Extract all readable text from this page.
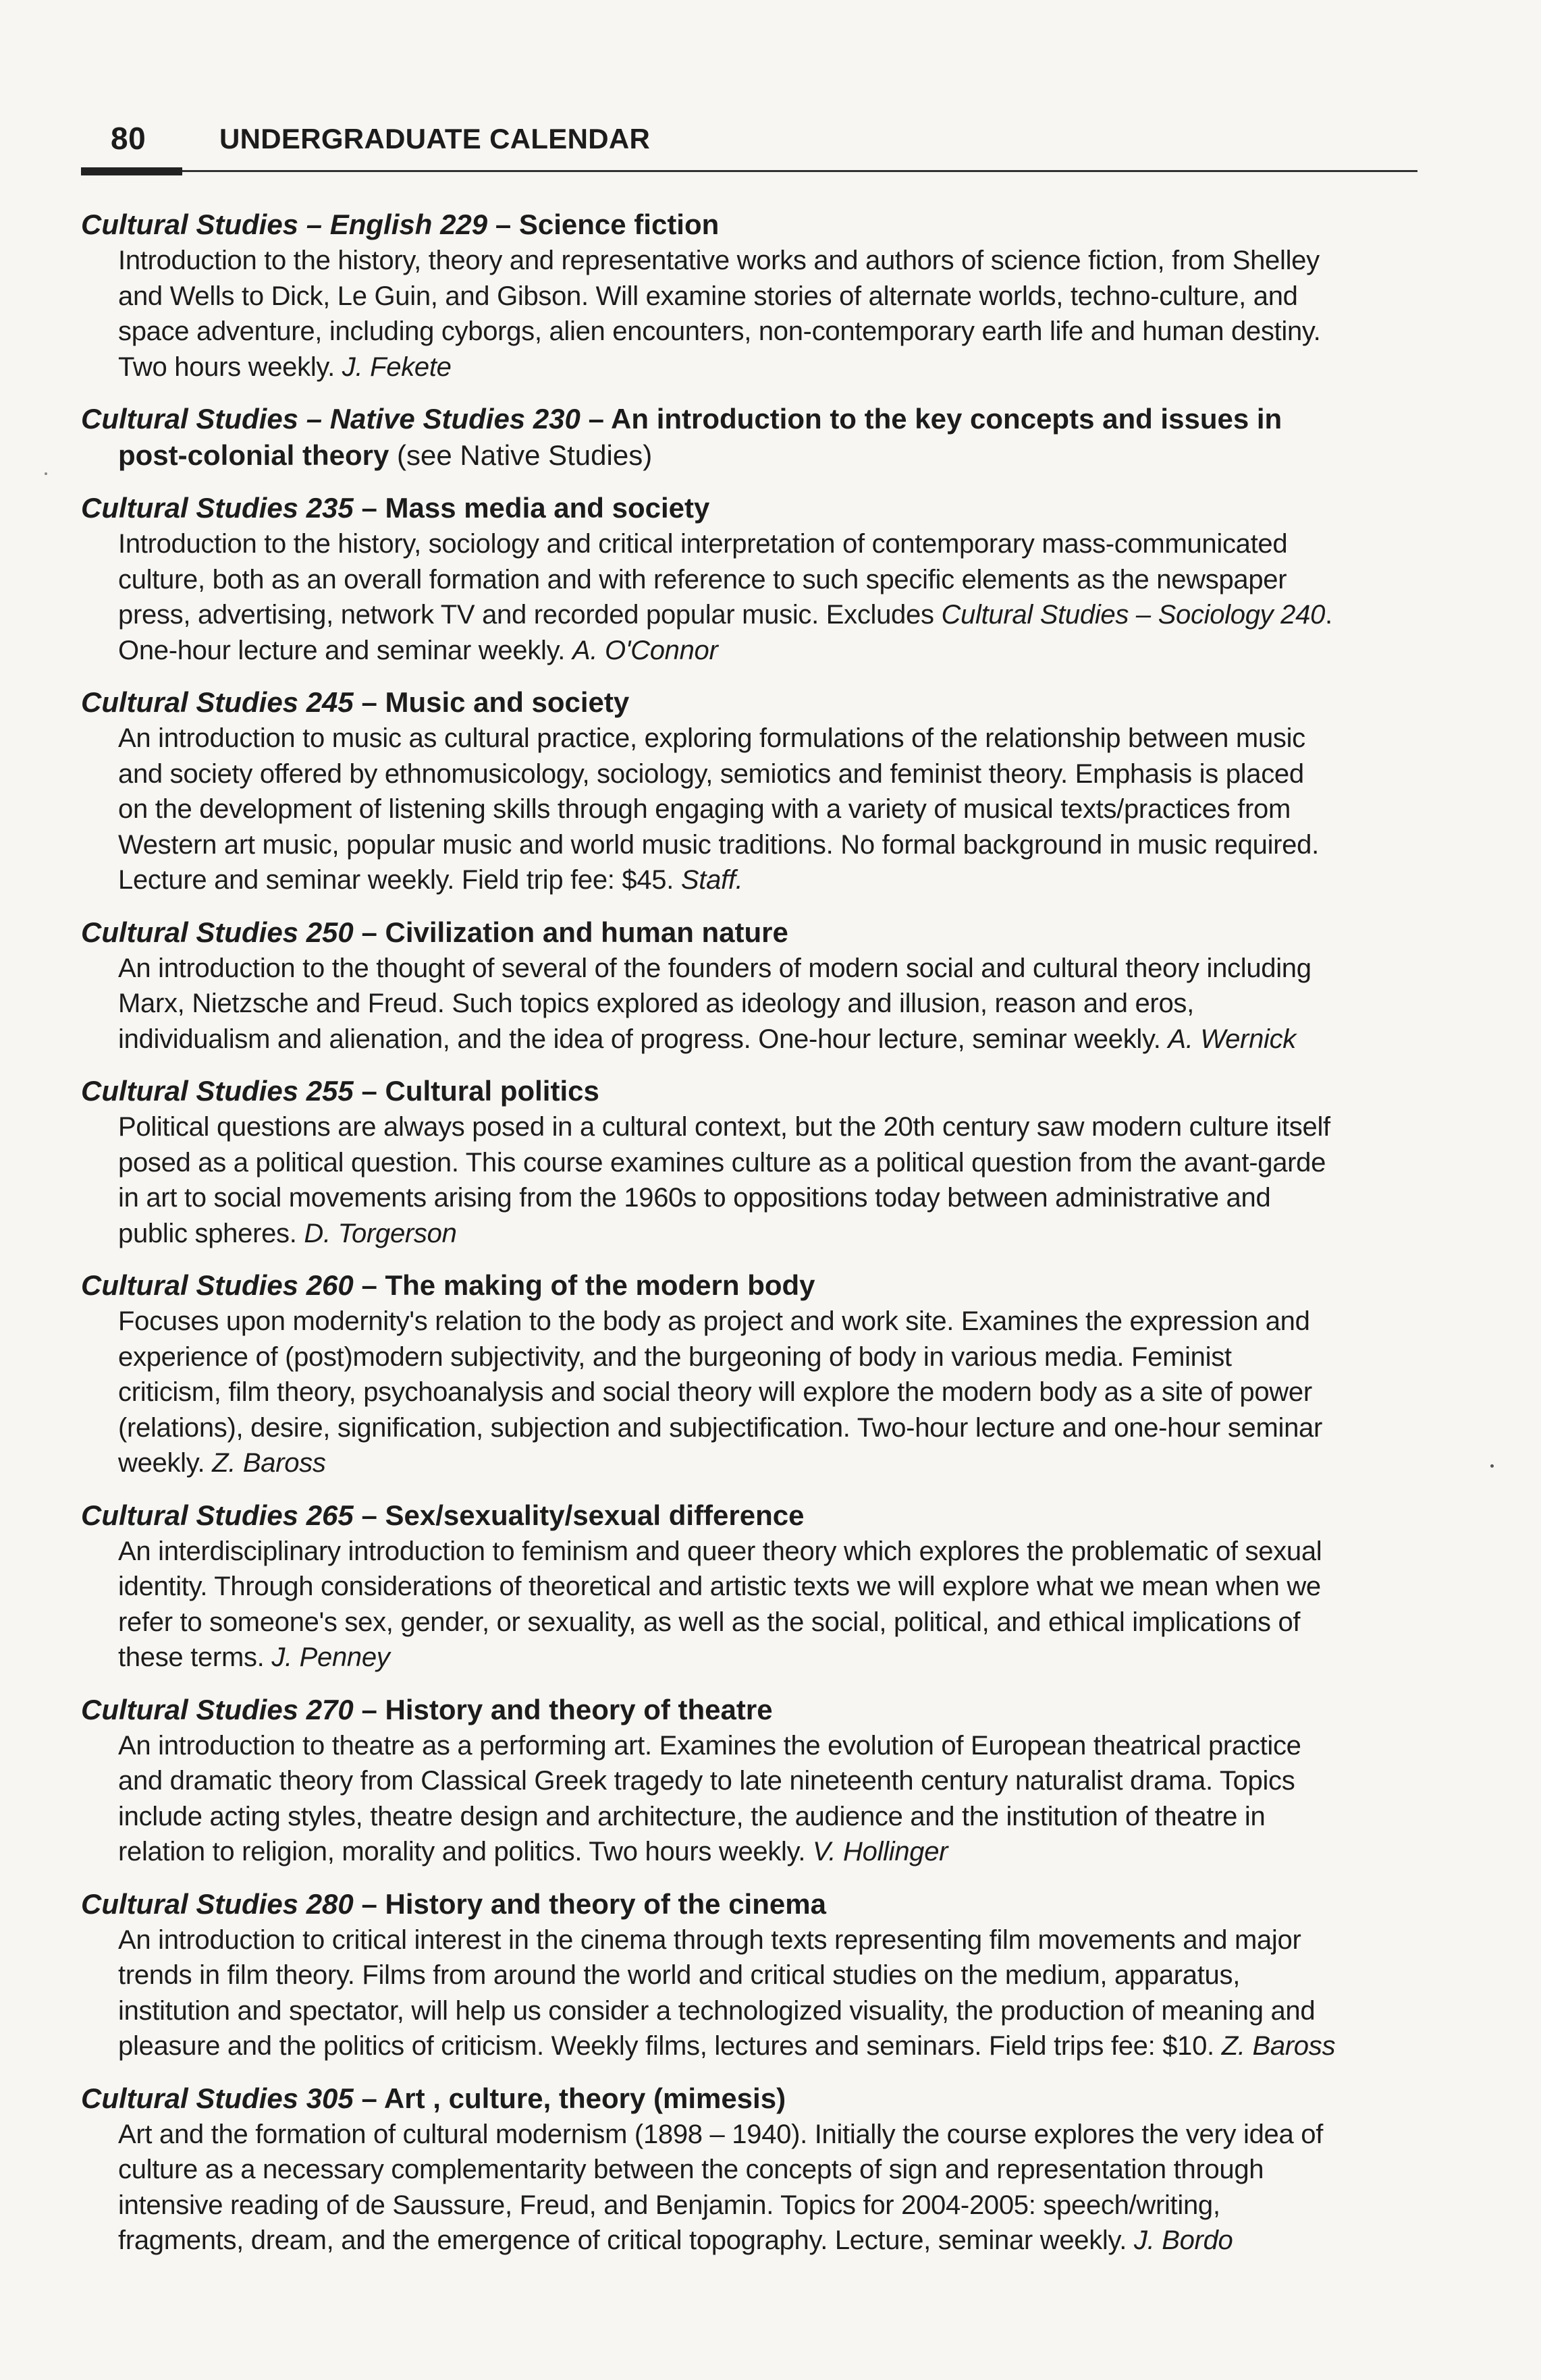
80	UNDERGRADUATE CALENDAR
Cultural Studies – English 229 – Science fiction
Introduction to the history, theory and representative works and authors of science fiction, from Shelley and Wells to Dick, Le Guin, and Gibson. Will examine stories of alternate worlds, techno-culture, and space adventure, including cyborgs, alien encounters, non-contemporary earth life and human destiny. Two hours weekly. J. Fekete
Cultural Studies – Native Studies 230 – An introduction to the key concepts and issues in post-colonial theory (see Native Studies)
Cultural Studies 235 – Mass media and society
Introduction to the history, sociology and critical interpretation of contemporary mass-communicated culture, both as an overall formation and with reference to such specific elements as the newspaper press, advertising, network TV and recorded popular music. Excludes Cultural Studies – Sociology 240. One-hour lecture and seminar weekly. A. O'Connor
Cultural Studies 245 – Music and society
An introduction to music as cultural practice, exploring formulations of the relationship between music and society offered by ethnomusicology, sociology, semiotics and feminist theory. Emphasis is placed on the development of listening skills through engaging with a variety of musical texts/practices from Western art music, popular music and world music traditions. No formal background in music required. Lecture and seminar weekly. Field trip fee: $45. Staff.
Cultural Studies 250 – Civilization and human nature
An introduction to the thought of several of the founders of modern social and cultural theory including Marx, Nietzsche and Freud. Such topics explored as ideology and illusion, reason and eros, individualism and alienation, and the idea of progress. One-hour lecture, seminar weekly. A. Wernick
Cultural Studies 255 – Cultural politics
Political questions are always posed in a cultural context, but the 20th century saw modern culture itself posed as a political question. This course examines culture as a political question from the avant-garde in art to social movements arising from the 1960s to oppositions today between administrative and public spheres. D. Torgerson
Cultural Studies 260 – The making of the modern body
Focuses upon modernity's relation to the body as project and work site. Examines the expression and experience of (post)modern subjectivity, and the burgeoning of body in various media. Feminist criticism, film theory, psychoanalysis and social theory will explore the modern body as a site of power (relations), desire, signification, subjection and subjectification. Two-hour lecture and one-hour seminar weekly. Z. Baross
Cultural Studies 265 – Sex/sexuality/sexual difference
An interdisciplinary introduction to feminism and queer theory which explores the problematic of sexual identity. Through considerations of theoretical and artistic texts we will explore what we mean when we refer to someone's sex, gender, or sexuality, as well as the social, political, and ethical implications of these terms. J. Penney
Cultural Studies 270 – History and theory of theatre
An introduction to theatre as a performing art. Examines the evolution of European theatrical practice and dramatic theory from Classical Greek tragedy to late nineteenth century naturalist drama. Topics include acting styles, theatre design and architecture, the audience and the institution of theatre in relation to religion, morality and politics. Two hours weekly. V. Hollinger
Cultural Studies 280 – History and theory of the cinema
An introduction to critical interest in the cinema through texts representing film movements and major trends in film theory. Films from around the world and critical studies on the medium, apparatus, institution and spectator, will help us consider a technologized visuality, the production of meaning and pleasure and the politics of criticism. Weekly films, lectures and seminars. Field trips fee: $10. Z. Baross
Cultural Studies 305 – Art , culture, theory (mimesis)
Art and the formation of cultural modernism (1898 – 1940). Initially the course explores the very idea of culture as a necessary complementarity between the concepts of sign and representation through intensive reading of de Saussure, Freud, and Benjamin. Topics for 2004-2005: speech/writing, fragments, dream, and the emergence of critical topography. Lecture, seminar weekly. J. Bordo
